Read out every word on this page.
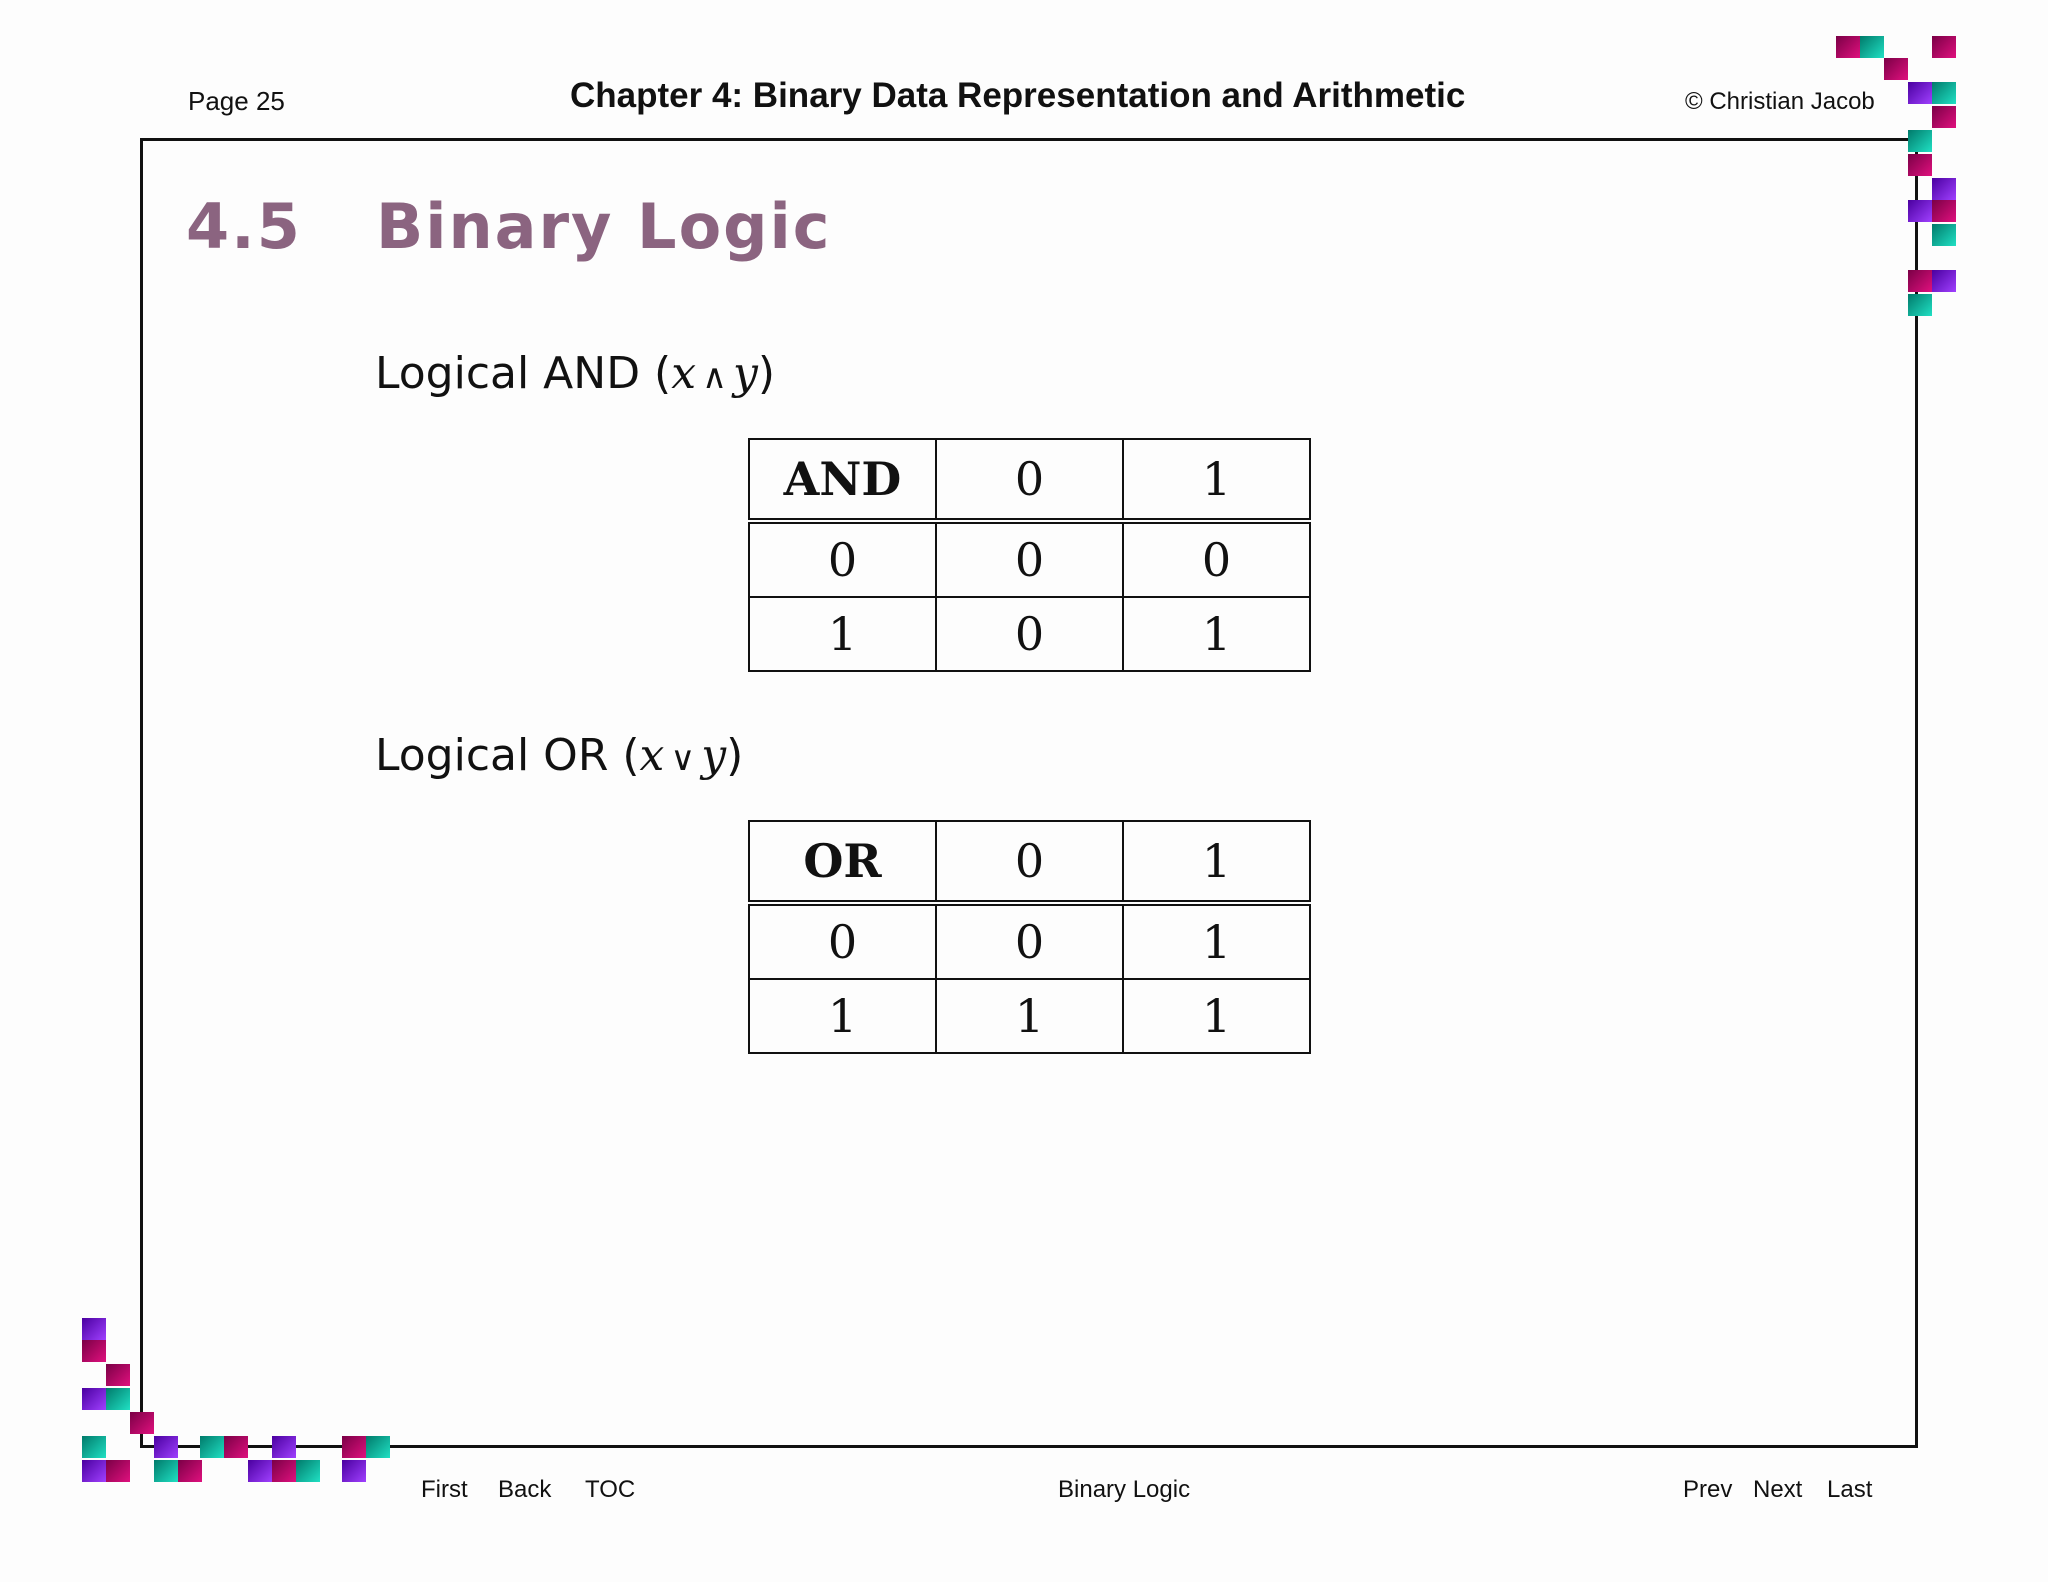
Page 25	Chapter 4: Binary Data Representation and Arithmetic	© Christian Jacob
4.5 Binary Logic
Logical AND (x ∧ y)
AND	0	1
0	0	0
1	0	1
Logical OR (x ∨ y)
OR	0	1
0	0	1
1	1	1
First Back TOC	Binary Logic	Prev Next Last
